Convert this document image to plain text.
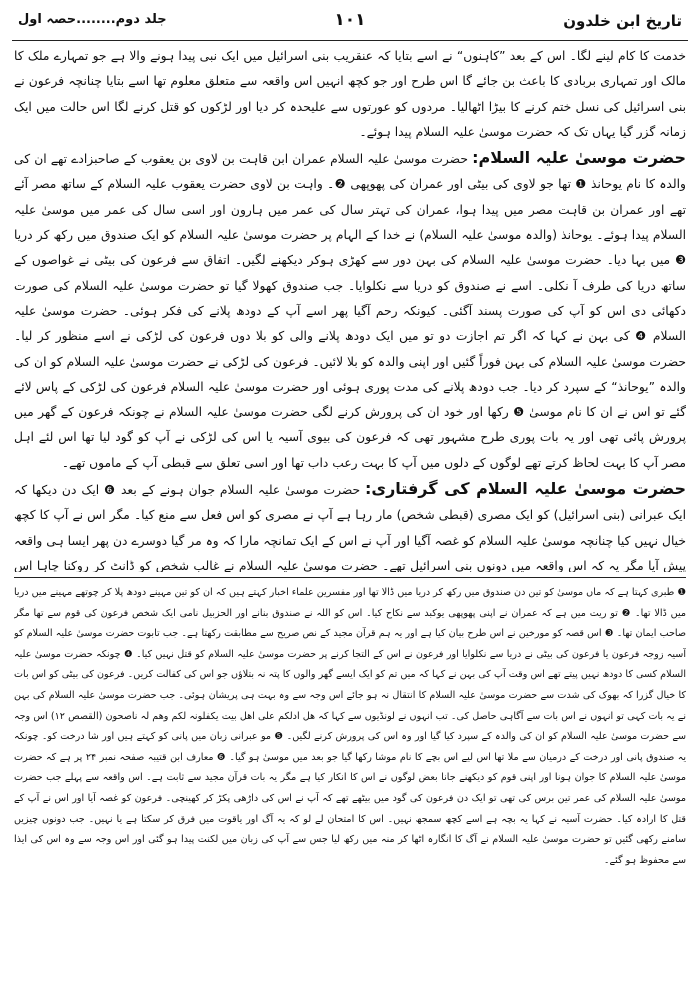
تاریخ ابن خلدون
۱۰۱
جلد دوم........حصہ اول

خدمت کا کام لینے لگا۔ اس کے بعد ”کاہنوں“ نے اسے بتایا کہ عنقریب بنی اسرائیل میں ایک نبی پیدا ہونے والا ہے جو تمہارے ملک کا مالک اور تمہاری بربادی کا باعث بن جائے گا اس طرح اور جو کچھ انہیں اس واقعہ سے متعلق معلوم تھا اسے بتایا چنانچہ فرعون نے بنی اسرائیل کی نسل ختم کرنے کا بیڑا اٹھالیا۔ مردوں کو عورتوں سے علیحدہ کر دیا اور لڑکوں کو قتل کرنے لگا اس حالت میں ایک زمانہ گزر گیا یہاں تک کہ حضرت موسیٰ علیہ السلام پیدا ہوئے۔

حضرت موسیٰ علیہ السلام: حضرت موسیٰ علیہ السلام عمران ابن قاہت بن لاوی بن یعقوب کے صاحبزادے تھے ان کی والدہ کا نام یوحانذ ❶ تھا جو لاوی کی بیٹی اور عمران کی پھوپھی ❷۔ واہت بن لاوی حضرت یعقوب علیہ السلام کے ساتھ مصر آئے تھے اور عمران بن قاہت مصر میں پیدا ہوا، عمران کی تہتر سال کی عمر میں ہارون اور اسی سال کی عمر میں موسیٰ علیہ السلام پیدا ہوئے۔ یوحانذ (والدہ موسیٰ علیہ السلام) نے خدا کے الہام پر حضرت موسیٰ علیہ السلام کو ایک صندوق میں رکھ کر دریا ❸ میں بہا دیا۔ حضرت موسیٰ علیہ السلام کی بہن دور سے کھڑی ہوکر دیکھنے لگیں۔ اتفاق سے فرعون کی بیٹی نے غواصوں کے ساتھ دریا کی طرف آ نکلی۔ اسے نے صندوق کو دریا سے نکلوایا۔ جب صندوق کھولا گیا تو حضرت موسیٰ علیہ السلام کی صورت دکھائی دی اس کو آپ کی صورت پسند آگئی۔ کیونکہ رحم آگیا پھر اسے آپ کے دودھ پلانے کی فکر ہوئی۔ حضرت موسیٰ علیہ السلام ❹ کی بہن نے کہا کہ اگر تم اجازت دو تو میں ایک دودھ پلانے والی کو بلا دوں فرعون کی لڑکی نے اسے منظور کر لیا۔ حضرت موسیٰ علیہ السلام کی بہن فوراً گئیں اور اپنی والدہ کو بلا لائیں۔ فرعون کی لڑکی نے حضرت موسیٰ علیہ السلام کو ان کی والدہ ”یوحانذ“ کے سپرد کر دیا۔ جب دودھ پلانے کی مدت پوری ہوئی اور حضرت موسیٰ علیہ السلام فرعون کی لڑکی کے پاس لائے گئے تو اس نے ان کا نام موسیٰ ❺ رکھا اور خود ان کی پرورش کرنے لگی حضرت موسیٰ علیہ السلام نے چونکہ فرعون کے گھر میں پرورش پائی تھی اور یہ بات پوری طرح مشہور تھی کہ فرعون کی بیوی آسیہ یا اس کی لڑکی نے آپ کو گود لیا تھا اس لئے اہل مصر آپ کا بہت لحاظ کرتے تھے لوگوں کے دلوں میں آپ کا بہت رعب داب تھا اور اسی تعلق سے قبطی آپ کے ماموں تھے۔

حضرت موسیٰ علیہ السلام کی گرفتاری: حضرت موسیٰ علیہ السلام جوان ہونے کے بعد ❻ ایک دن دیکھا کہ ایک عبرانی (بنی اسرائیل) کو ایک مصری (قبطی شخص) مار رہا ہے آپ نے مصری کو اس فعل سے منع کیا۔ مگر اس نے آپ کا کچھ خیال نہیں کیا چنانچہ موسیٰ علیہ السلام کو غصہ آگیا اور آپ نے اس کے ایک تمانچہ مارا کہ وہ مر گیا دوسرے دن پھر ایسا ہی واقعہ پیش آیا مگر یہ کہ اس واقعہ میں دونوں بنی اسرائیل تھے۔ حضرت موسیٰ علیہ السلام نے غالب شخص کو ڈانٹ کر روکنا چاہا اس

❶ طبری کہتا ہے کہ ماں موسیٰ کو تین دن صندوق میں رکھ کر دریا میں ڈالا تھا اور مفسرین علماء اخبار کہتے ہیں کہ ان کو تین مہینے دودھ پلا کر چوتھے مہینے میں دریا میں ڈالا تھا۔ ❷ تو ریت میں ہے کہ عمران نے اپنی پھوپھی یوکبد سے نکاح کیا۔ اس کو اللہ نے صندوق بنانے اور الحزبیل نامی ایک شخص فرعون کی قوم سے تھا مگر صاحب ایمان تھا۔ ❸ اس قصہ کو مورخین نے اس طرح بیان کیا ہے اور یہ ہم قرآن مجید کے نص صریح سے مطابقت رکھتا ہے۔ جب تابوت حضرت موسیٰ علیہ السلام کو آسیہ زوجہ فرعون یا فرعون کی بیٹی نے دریا سے نکلوایا اور فرعون نے اس کے التجا کرنے پر حضرت موسیٰ علیہ السلام کو قتل نہیں کیا۔ ❹ چونکہ حضرت موسیٰ علیہ السلام کسی کا دودھ نہیں پیتے تھے اس وقت آپ کی بہن نے کہا کہ میں تم کو ایک ایسے گھر والوں کا پتہ نہ بتلاؤں جو اس کی کفالت کریں۔ فرعون کی بیٹی کو اس بات کا خیال گزرا کہ بھوک کی شدت سے حضرت موسیٰ علیہ السلام کا انتقال نہ ہو جائے اس وجہ سے وہ بہت ہی پریشان ہوئی۔ جب حضرت موسیٰ علیہ السلام کی بہن نے یہ بات کہی تو انہوں نے اس بات سے آگاہی حاصل کی۔ تب انہوں نے لونڈیوں سے کہا کہ ھل ادلکم علی اھل بیت یکفلونہ لکم وھم لہ ناصحون (القصص ۱۲) اس وجہ سے حضرت موسیٰ علیہ السلام کو ان کی والدہ کے سپرد کیا گیا اور وہ اس کی پرورش کرنے لگیں۔ ❺ مو عبرانی زبان میں پانی کو کہتے ہیں اور شا درخت کو۔ چونکہ یہ صندوق پانی اور درخت کے درمیان سے ملا تھا اس لیے اس بچے کا نام موشا رکھا گیا جو بعد میں موسیٰ ہو گیا۔ ❻ معارف ابن قتیبہ صفحہ نمبر ۲۴ پر ہے کہ حضرت موسیٰ علیہ السلام کا جوان ہونا اور اپنی قوم کو دیکھنے جانا بعض لوگوں نے اس کا انکار کیا ہے مگر یہ بات قرآن مجید سے ثابت ہے۔ اس واقعہ سے پہلے جب حضرت موسیٰ علیہ السلام کی عمر تین برس کی تھی تو ایک دن فرعون کی گود میں بیٹھے تھے کہ آپ نے اس کی داڑھی پکڑ کر کھینچی۔ فرعون کو غصہ آیا اور اس نے آپ کے قتل کا ارادہ کیا۔ حضرت آسیہ نے کہا یہ بچہ ہے اسے کچھ سمجھ نہیں۔ اس کا امتحان لے لو کہ یہ آگ اور یاقوت میں فرق کر سکتا ہے یا نہیں۔ جب دونوں چیزیں سامنے رکھی گئیں تو حضرت موسیٰ علیہ السلام نے آگ کا انگارہ اٹھا کر منہ میں رکھ لیا جس سے آپ کی زبان میں لکنت پیدا ہو گئی اور اس وجہ سے وہ اس کی ایذا سے محفوظ ہو گئے۔
